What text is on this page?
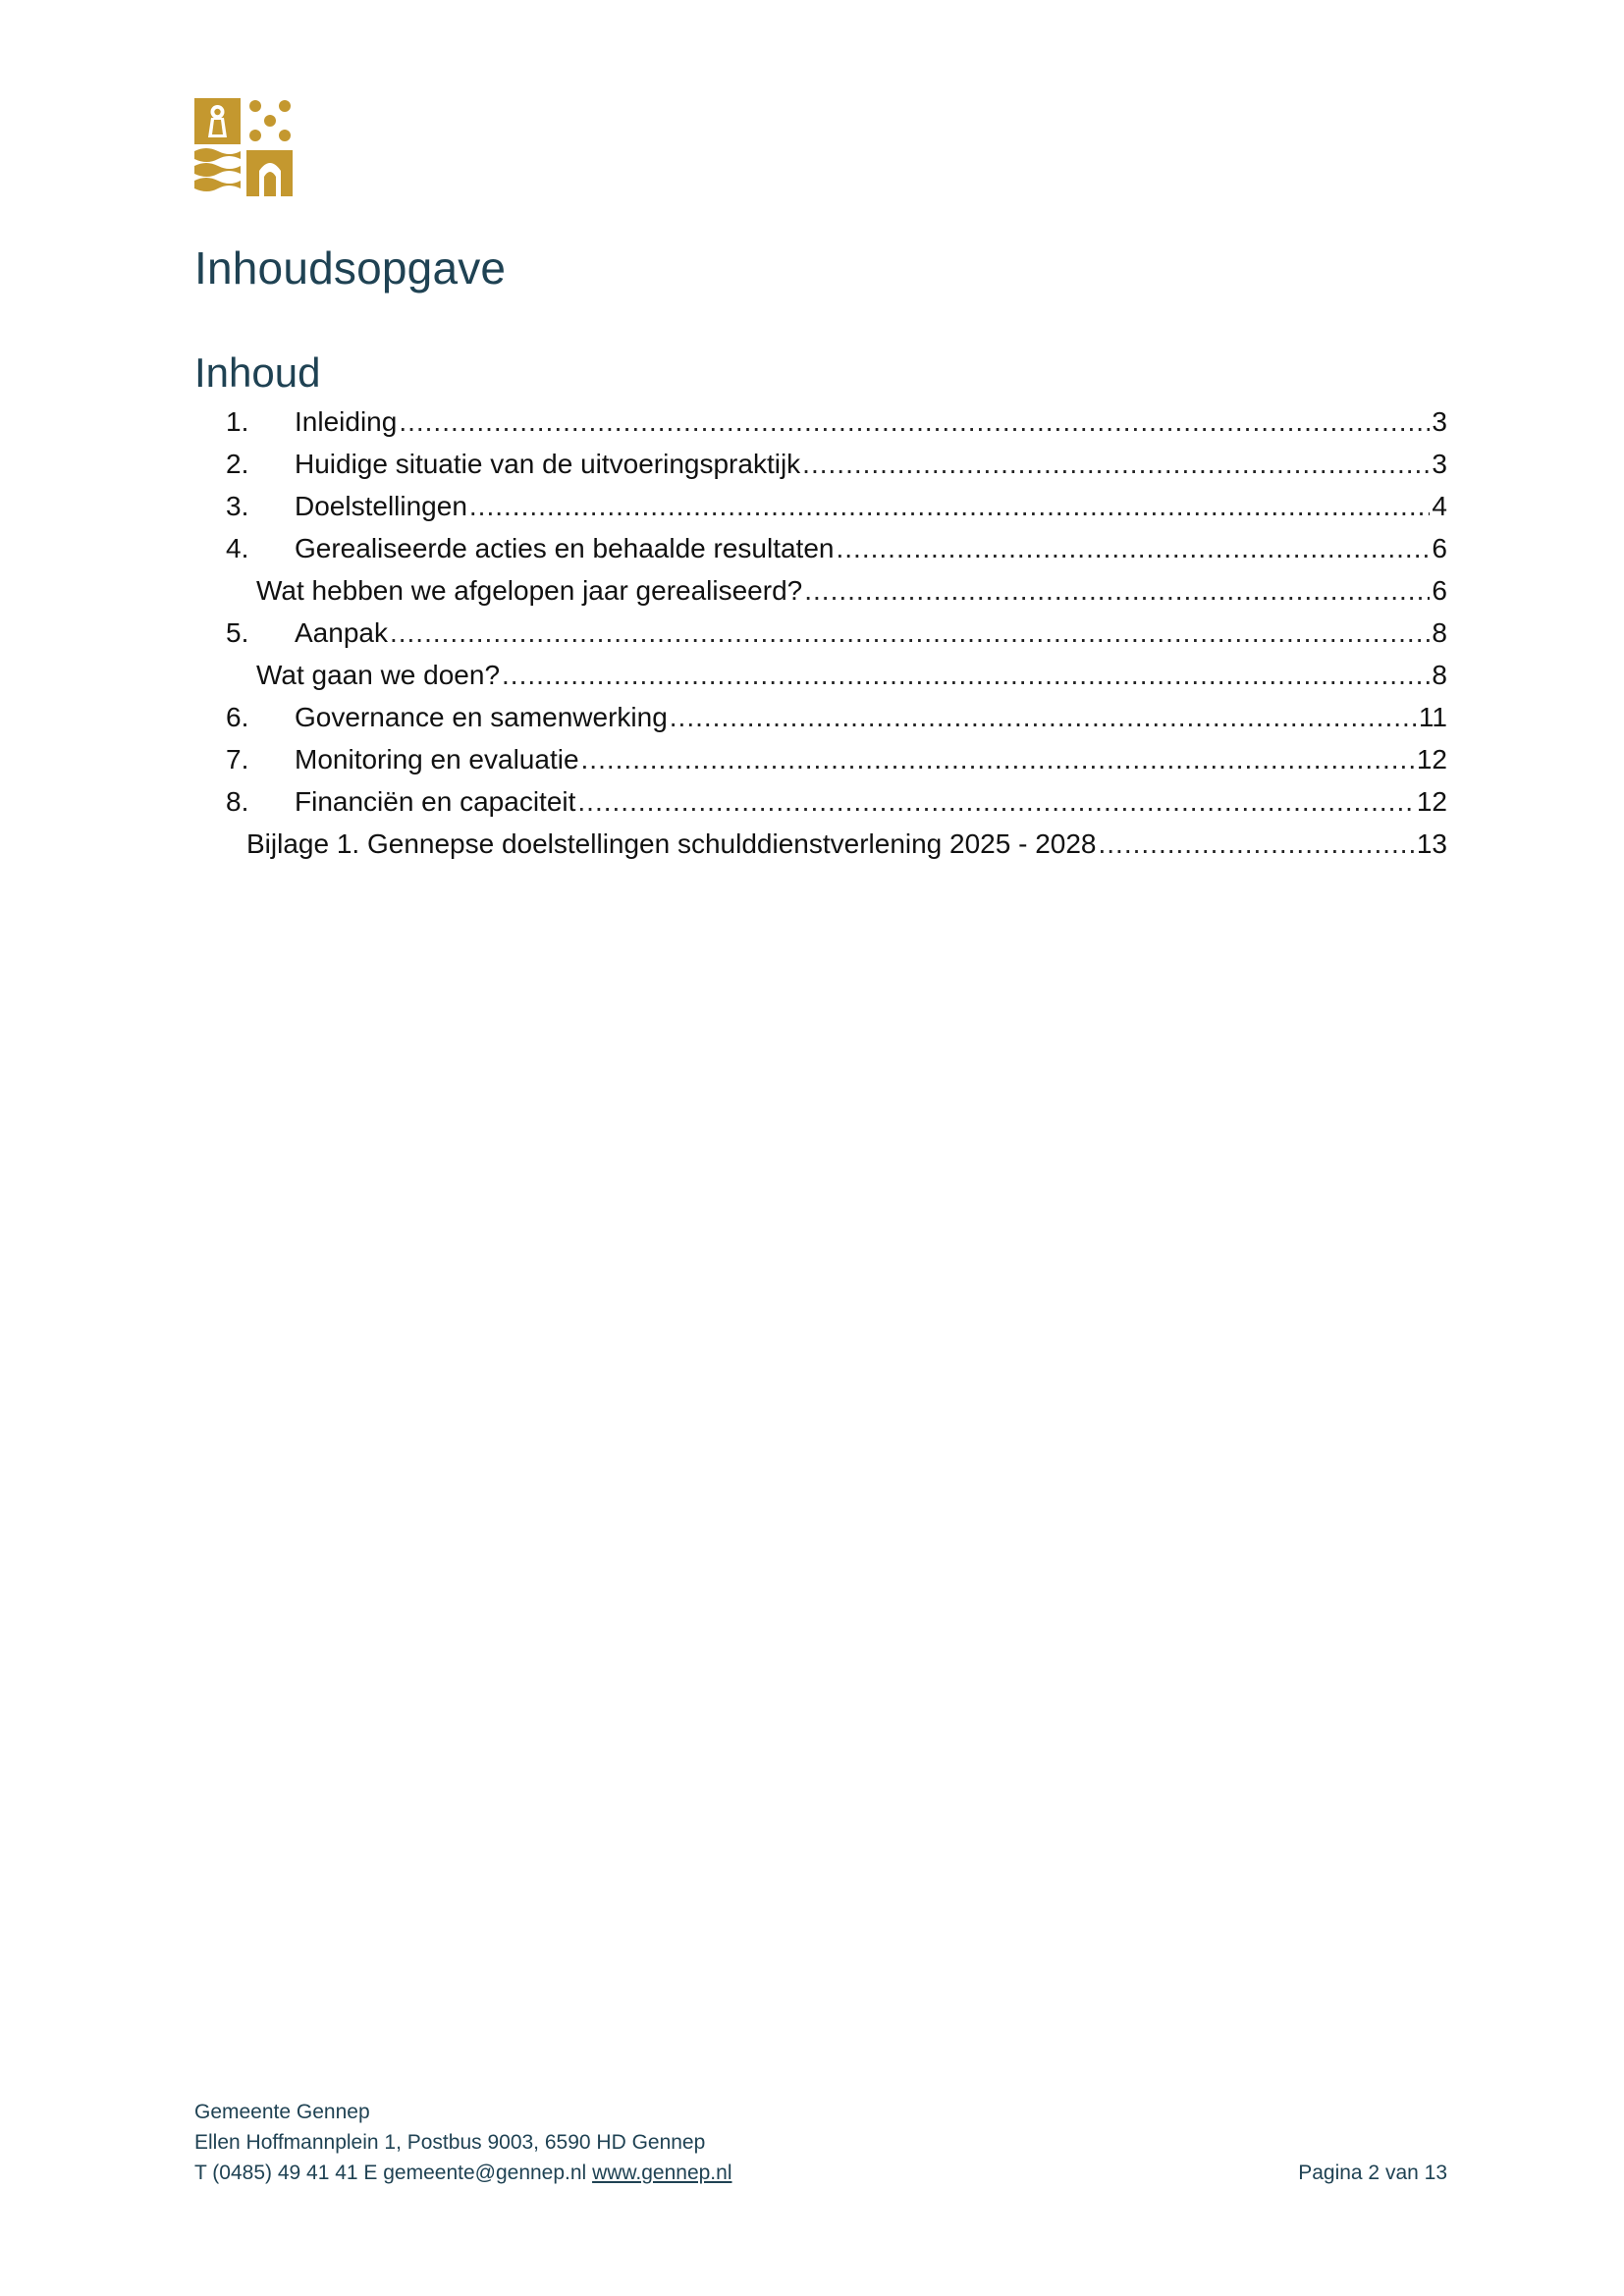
Inhoudsopgave
Inhoud
1. Inleiding .....	3
2. Huidige situatie van de uitvoeringspraktijk .....	3
3. Doelstellingen .....	4
4. Gerealiseerde acties en behaalde resultaten .....	6
Wat hebben we afgelopen jaar gerealiseerd? .....	6
5. Aanpak .....	8
Wat gaan we doen? .....	8
6. Governance en samenwerking .....	11
7. Monitoring en evaluatie .....	12
8. Financiën en capaciteit .....	12
Bijlage 1. Gennepse doelstellingen schulddienstverlening 2025 - 2028 .....	13
Gemeente Gennep
Ellen Hoffmannplein 1, Postbus 9003, 6590 HD Gennep
T (0485) 49 41 41 E gemeente@gennep.nl www.gennep.nl	Pagina 2 van 13
